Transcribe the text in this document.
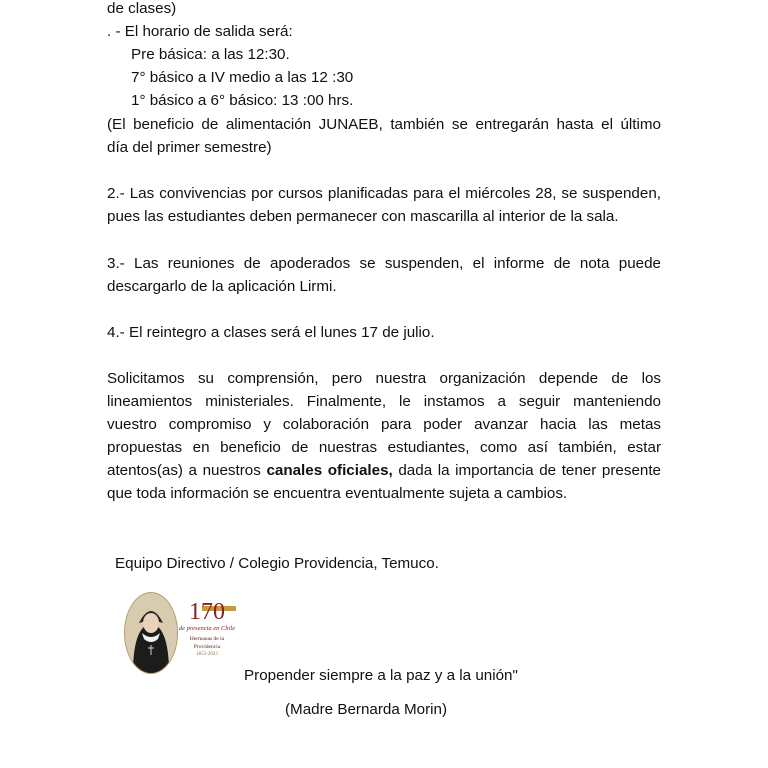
de clases)
. - El horario de salida será:
Pre básica: a las 12:30.
7° básico a IV medio a las 12 :30
1° básico a 6° básico: 13 :00 hrs.
(El beneficio de alimentación JUNAEB, también se entregarán hasta el último
día del primer semestre)
2.- Las convivencias por cursos planificadas para el miércoles 28, se suspenden,
pues las estudiantes deben permanecer con mascarilla al interior de la sala.
3.- Las reuniones de apoderados se suspenden, el informe de nota puede
descargarlo de la aplicación Lirmi.
4.- El reintegro a clases será el lunes 17 de julio.
Solicitamos su comprensión, pero nuestra organización depende de los
lineamientos ministeriales. Finalmente, le instamos a seguir manteniendo
vuestro compromiso y colaboración para poder avanzar hacia las metas
propuestas en beneficio de nuestras estudiantes, como así también, estar
atentos(as) a nuestros canales oficiales, dada la importancia de tener presente
que toda información se encuentra eventualmente sujeta a cambios.
Equipo Directivo / Colegio Providencia, Temuco.
170
de presencia en Chile
Hermanas de la Providencia
1853-2023
Propender siempre a la paz y a la unión"
(Madre Bernarda Morin)
